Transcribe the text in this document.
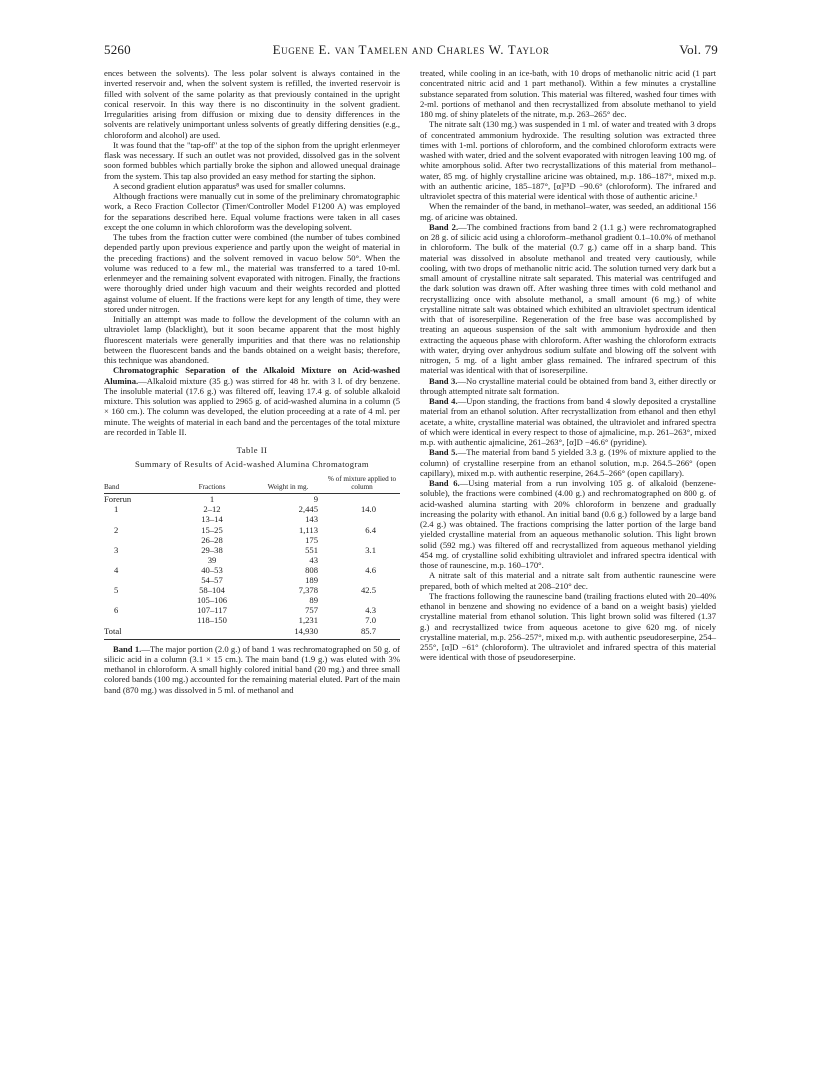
5260	Eugene E. van Tamelen and Charles W. Taylor	Vol. 79

ences between the solvents). The less polar solvent is always contained in the inverted reservoir and, when the solvent system is refilled, the inverted reservoir is filled with solvent of the same polarity as that previously contained in the upright conical reservoir. In this way there is no discontinuity in the solvent gradient. Irregularities arising from diffusion or mixing due to density differences in the solvents are relatively unimportant unless solvents of greatly differing densities (e.g., chloroform and alcohol) are used.

It was found that the "tap-off" at the top of the siphon from the upright erlenmeyer flask was necessary. If such an outlet was not provided, dissolved gas in the solvent soon formed bubbles which partially broke the siphon and allowed unequal drainage from the system. This tap also provided an easy method for starting the siphon.

A second gradient elution apparatus⁸ was used for smaller columns.

Although fractions were manually cut in some of the preliminary chromatographic work, a Reco Fraction Collector (Timer/Controller Model F1200 A) was employed for the separations described here. Equal volume fractions were taken in all cases except the one column in which chloroform was the developing solvent.

The tubes from the fraction cutter were combined (the number of tubes combined depended partly upon previous experience and partly upon the weight of material in the preceding fractions) and the solvent removed in vacuo below 50°. When the volume was reduced to a few ml., the material was transferred to a tared 10-ml. erlenmeyer and the remaining solvent evaporated with nitrogen. Finally, the fractions were thoroughly dried under high vacuum and their weights recorded and plotted against volume of eluent. If the fractions were kept for any length of time, they were stored under nitrogen.

Initially an attempt was made to follow the development of the column with an ultraviolet lamp (blacklight), but it soon became apparent that the most highly fluorescent materials were generally impurities and that there was no relationship between the fluorescent bands and the bands obtained on a weight basis; therefore, this technique was abandoned.

Chromatographic Separation of the Alkaloid Mixture on Acid-washed Alumina.—Alkaloid mixture (35 g.) was stirred for 48 hr. with 3 l. of dry benzene. The insoluble material (17.6 g.) was filtered off, leaving 17.4 g. of soluble alkaloid mixture. This solution was applied to 2965 g. of acid-washed alumina in a column (5 × 160 cm.). The column was developed, the elution proceeding at a rate of 4 ml. per minute. The weights of material in each band and the percentages of the total mixture are recorded in Table II.

Table II
Summary of Results of Acid-washed Alumina Chromatogram
Band	Fractions	Weight in mg.	% of mixture applied to column
Forerun	1	9	
1	2–12	2,445	14.0
	13–14	143	
2	15–25	1,113	6.4
	26–28	175	
3	29–38	551	3.1
	39	43	
4	40–53	808	4.6
	54–57	189	
5	58–104	7,378	42.5
	105–106	89	
6	107–117	757	4.3
	118–150	1,231	7.0
Total		14,930	85.7

Band 1.—The major portion (2.0 g.) of band 1 was rechromatographed on 50 g. of silicic acid in a column (3.1 × 15 cm.). The main band (1.9 g.) was eluted with 3% methanol in chloroform. A small highly colored initial band (20 mg.) and three small colored bands (100 mg.) accounted for the remaining material eluted. Part of the main band (870 mg.) was dissolved in 5 ml. of methanol and

treated, while cooling in an ice-bath, with 10 drops of methanolic nitric acid (1 part concentrated nitric acid and 1 part methanol). Within a few minutes a crystalline substance separated from solution. This material was filtered, washed four times with 2-ml. portions of methanol and then recrystallized from absolute methanol to yield 180 mg. of shiny platelets of the nitrate, m.p. 263–265° dec.

The nitrate salt (130 mg.) was suspended in 1 ml. of water and treated with 3 drops of concentrated ammonium hydroxide. The resulting solution was extracted three times with 1-ml. portions of chloroform, and the combined chloroform extracts were washed with water, dried and the solvent evaporated with nitrogen leaving 100 mg. of white amorphous solid. After two recrystallizations of this material from methanol–water, 85 mg. of highly crystalline aricine was obtained, m.p. 186–187°, mixed m.p. with an authentic aricine, 185–187°, [α]²⁵D −90.6° (chloroform). The infrared and ultraviolet spectra of this material were identical with those of authentic aricine.¹

When the remainder of the band, in methanol–water, was seeded, an additional 156 mg. of aricine was obtained.

Band 2.—The combined fractions from band 2 (1.1 g.) were rechromatographed on 28 g. of silicic acid using a chloroform–methanol gradient 0.1–10.0% of methanol in chloroform. The bulk of the material (0.7 g.) came off in a sharp band. This material was dissolved in absolute methanol and treated very cautiously, while cooling, with two drops of methanolic nitric acid. The solution turned very dark but a small amount of crystalline nitrate salt separated. This material was centrifuged and the dark solution was drawn off. After washing three times with cold methanol and recrystallizing once with absolute methanol, a small amount (6 mg.) of white crystalline nitrate salt was obtained which exhibited an ultraviolet spectrum identical with that of isoreserpiline. Regeneration of the free base was accomplished by treating an aqueous suspension of the salt with ammonium hydroxide and then extracting the aqueous phase with chloroform. After washing the chloroform extracts with water, drying over anhydrous sodium sulfate and blowing off the solvent with nitrogen, 5 mg. of a light amber glass remained. The infrared spectrum of this material was identical with that of isoreserpiline.

Band 3.—No crystalline material could be obtained from band 3, either directly or through attempted nitrate salt formation.

Band 4.—Upon standing, the fractions from band 4 slowly deposited a crystalline material from an ethanol solution. After recrystallization from ethanol and then ethyl acetate, a white, crystalline material was obtained, the ultraviolet and infrared spectra of which were identical in every respect to those of ajmalicine, m.p. 261–263°, mixed m.p. with authentic ajmalicine, 261–263°, [α]D −46.6° (pyridine).

Band 5.—The material from band 5 yielded 3.3 g. (19% of mixture applied to the column) of crystalline reserpine from an ethanol solution, m.p. 264.5–266° (open capillary), mixed m.p. with authentic reserpine, 264.5–266° (open capillary).

Band 6.—Using material from a run involving 105 g. of alkaloid (benzene-soluble), the fractions were combined (4.00 g.) and rechromatographed on 800 g. of acid-washed alumina starting with 20% chloroform in benzene and gradually increasing the polarity with ethanol. An initial band (0.6 g.) followed by a large band (2.4 g.) was obtained. The fractions comprising the latter portion of the large band yielded crystalline material from an aqueous methanolic solution. This light brown solid (592 mg.) was filtered off and recrystallized from aqueous methanol yielding 454 mg. of crystalline solid exhibiting ultraviolet and infrared spectra identical with those of raunescine, m.p. 160–170°.

A nitrate salt of this material and a nitrate salt from authentic raunescine were prepared, both of which melted at 208–210° dec.

The fractions following the raunescine band (trailing fractions eluted with 20–40% ethanol in benzene and showing no evidence of a band on a weight basis) yielded crystalline material from ethanol solution. This light brown solid was filtered (1.37 g.) and recrystallized twice from aqueous acetone to give 620 mg. of nicely crystalline material, m.p. 256–257°, mixed m.p. with authentic pseudoreserpine, 254–255°, [α]D −61° (chloroform). The ultraviolet and infrared spectra of this material were identical with those of pseudoreserpine.
